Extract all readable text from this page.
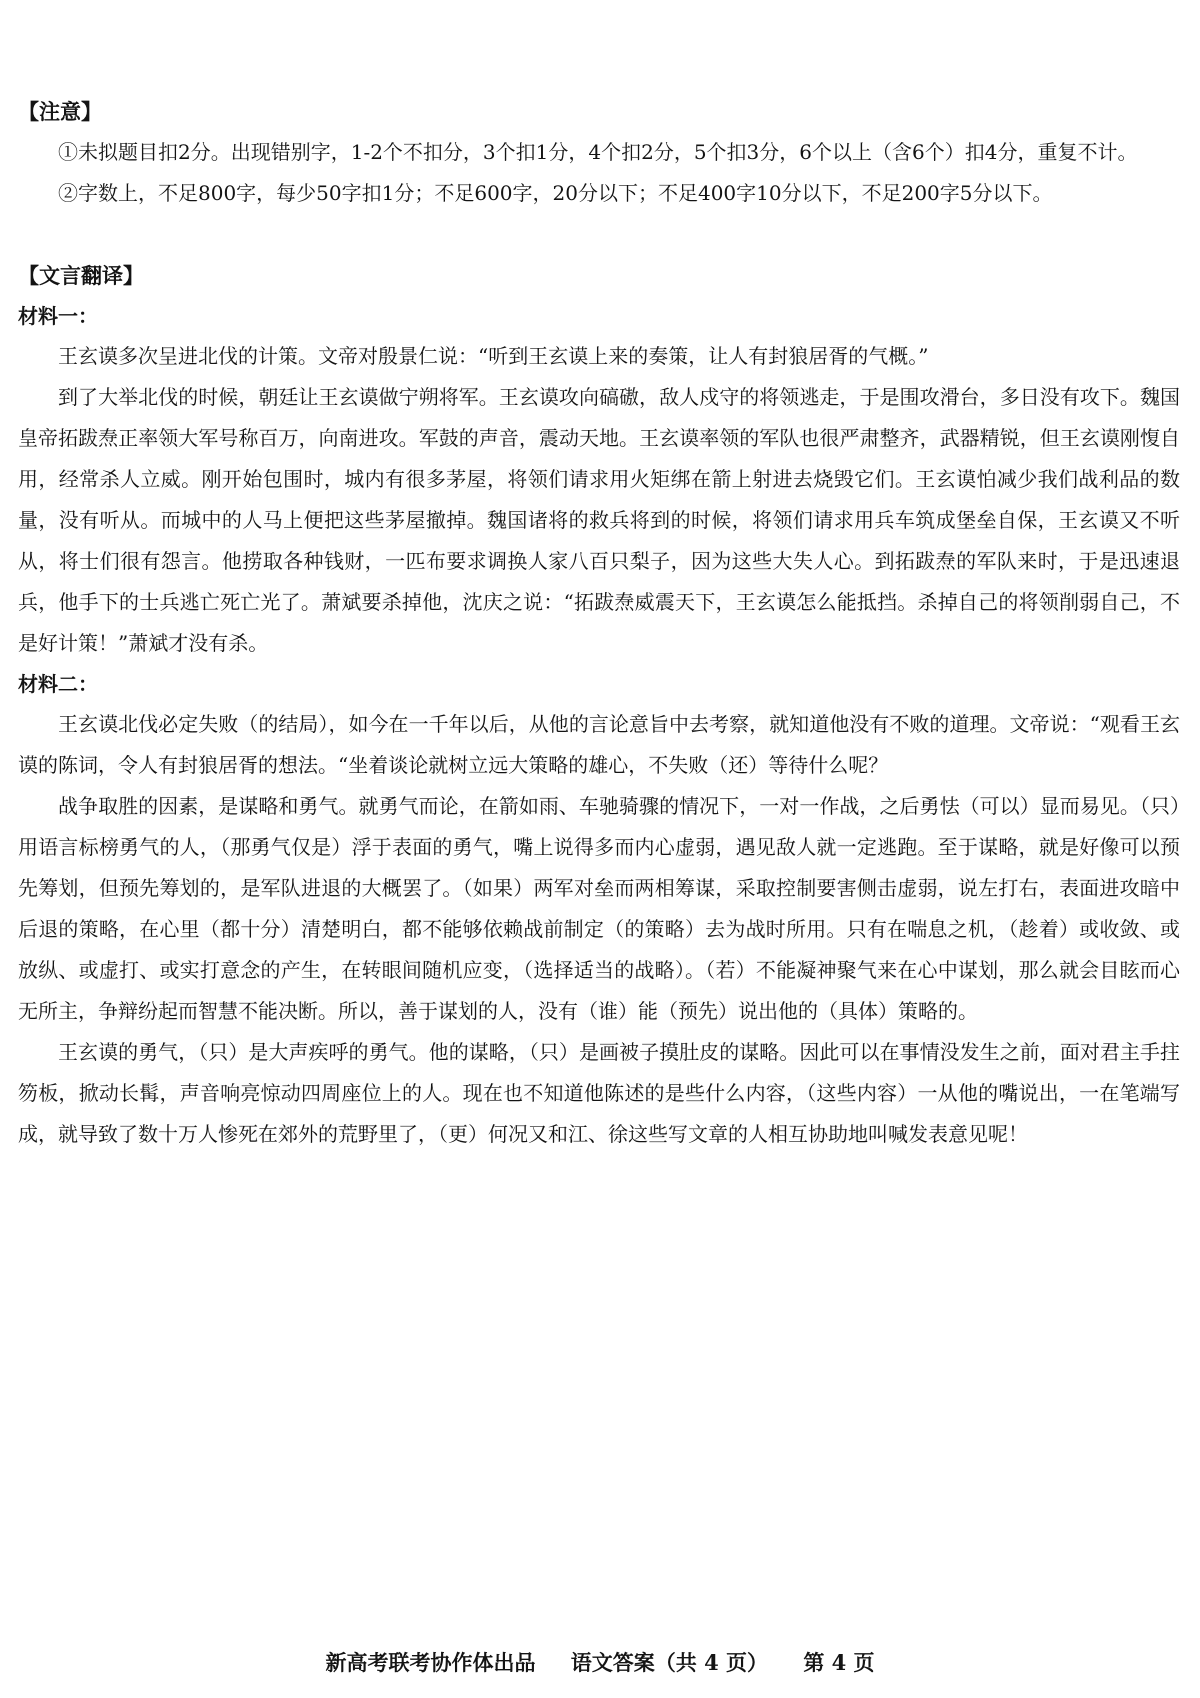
【注意】

①未拟题目扣2分。出现错别字，1-2个不扣分，3个扣1分，4个扣2分，5个扣3分，6个以上（含6个）扣4分，重复不计。

②字数上，不足800字，每少50字扣1分；不足600字，20分以下；不足400字10分以下，不足200字5分以下。

【文言翻译】

材料一：

王玄谟多次呈进北伐的计策。文帝对殷景仁说：“听到王玄谟上来的奏策，让人有封狼居胥的气概。”

到了大举北伐的时候，朝廷让王玄谟做宁朔将军。王玄谟攻向碻磝，敌人戍守的将领逃走，于是围攻滑台，多日没有攻下。魏国皇帝拓跋焘正率领大军号称百万，向南进攻。军鼓的声音，震动天地。王玄谟率领的军队也很严肃整齐，武器精锐，但王玄谟刚愎自用，经常杀人立威。刚开始包围时，城内有很多茅屋，将领们请求用火矩绑在箭上射进去烧毁它们。王玄谟怕减少我们战利品的数量，没有听从。而城中的人马上便把这些茅屋撤掉。魏国诸将的救兵将到的时候，将领们请求用兵车筑成堡垒自保，王玄谟又不听从，将士们很有怨言。他捞取各种钱财，一匹布要求调换人家八百只梨子，因为这些大失人心。到拓跋焘的军队来时，于是迅速退兵，他手下的士兵逃亡死亡光了。萧斌要杀掉他，沈庆之说：“拓跋焘威震天下，王玄谟怎么能抵挡。杀掉自己的将领削弱自己，不是好计策！”萧斌才没有杀。

材料二：

王玄谟北伐必定失败（的结局），如今在一千年以后，从他的言论意旨中去考察，就知道他没有不败的道理。文帝说：“观看王玄谟的陈词，令人有封狼居胥的想法。“坐着谈论就树立远大策略的雄心，不失败（还）等待什么呢？

战争取胜的因素，是谋略和勇气。就勇气而论，在箭如雨、车驰骑骤的情况下，一对一作战，之后勇怯（可以）显而易见。（只）用语言标榜勇气的人，（那勇气仅是）浮于表面的勇气，嘴上说得多而内心虚弱，遇见敌人就一定逃跑。至于谋略，就是好像可以预先筹划，但预先筹划的，是军队进退的大概罢了。（如果）两军对垒而两相筹谋，采取控制要害侧击虚弱，说左打右，表面进攻暗中后退的策略，在心里（都十分）清楚明白，都不能够依赖战前制定（的策略）去为战时所用。只有在喘息之机，（趁着）或收敛、或放纵、或虚打、或实打意念的产生，在转眼间随机应变，（选择适当的战略）。（若）不能凝神聚气来在心中谋划，那么就会目眩而心无所主，争辩纷起而智慧不能决断。所以，善于谋划的人，没有（谁）能（预先）说出他的（具体）策略的。

王玄谟的勇气，（只）是大声疾呼的勇气。他的谋略，（只）是画被子摸肚皮的谋略。因此可以在事情没发生之前，面对君主手拄笏板，掀动长髯，声音响亮惊动四周座位上的人。现在也不知道他陈述的是些什么内容，（这些内容）一从他的嘴说出，一在笔端写成，就导致了数十万人惨死在郊外的荒野里了，（更）何况又和江、徐这些写文章的人相互协助地叫喊发表意见呢！

新高考联考协作体出品 语文答案（共 4 页） 第 4 页
